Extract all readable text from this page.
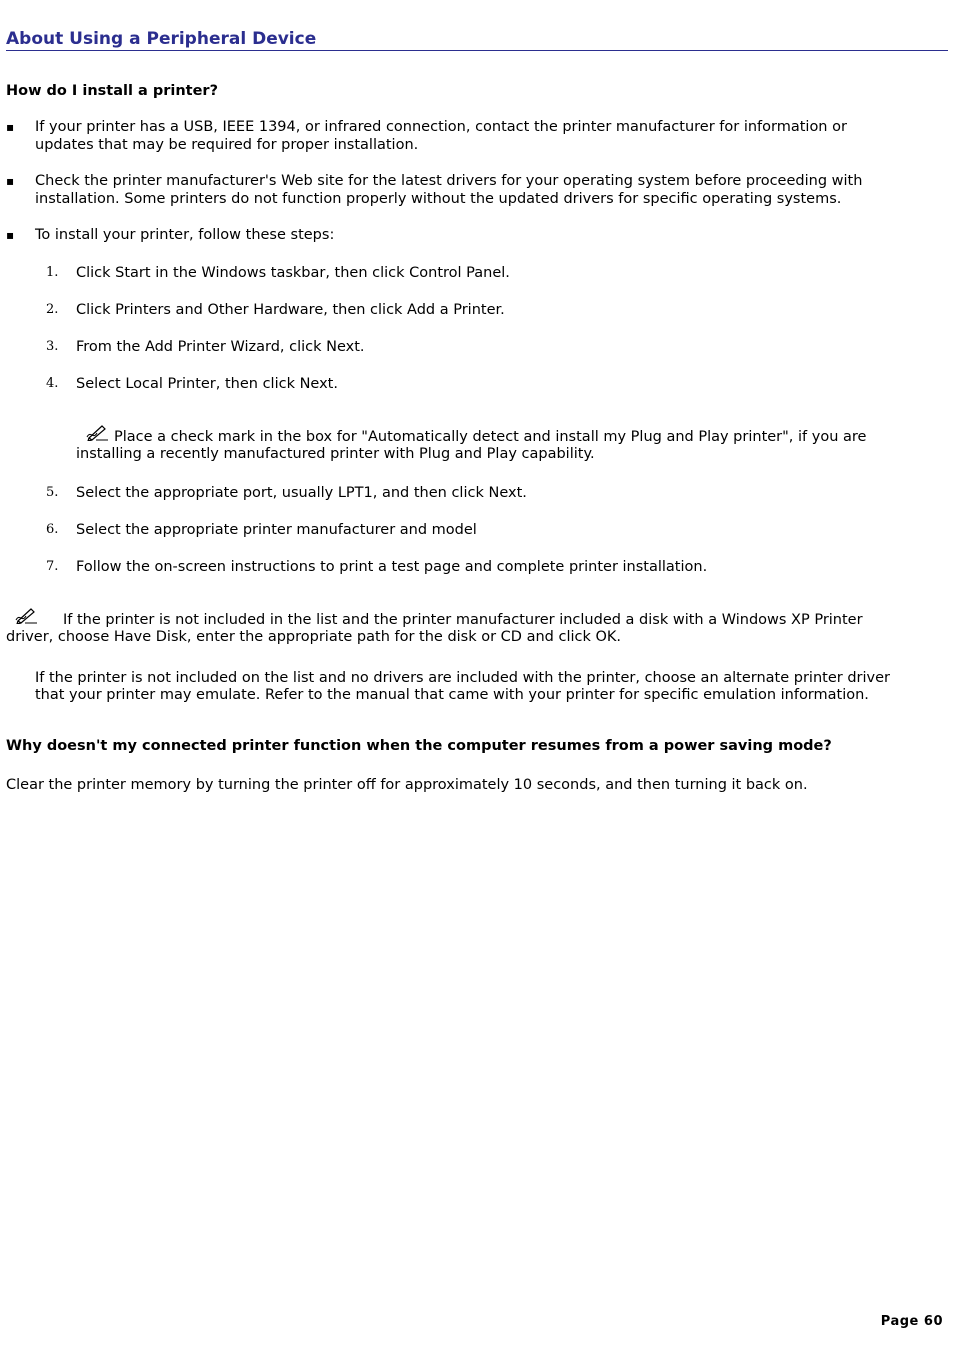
About Using a Peripheral Device
How do I install a printer?
▪ If your printer has a USB, IEEE 1394, or infrared connection, contact the printer manufacturer for information or
updates that may be required for proper installation.
▪ Check the printer manufacturer's Web site for the latest drivers for your operating system before proceeding with
installation. Some printers do not function properly without the updated drivers for specific operating systems.
▪ To install your printer, follow these steps:
1. Click Start in the Windows taskbar, then click Control Panel.
2. Click Printers and Other Hardware, then click Add a Printer.
3. From the Add Printer Wizard, click Next.
4. Select Local Printer, then click Next.
Place a check mark in the box for "Automatically detect and install my Plug and Play printer", if you are
installing a recently manufactured printer with Plug and Play capability.
5. Select the appropriate port, usually LPT1, and then click Next.
6. Select the appropriate printer manufacturer and model
7. Follow the on-screen instructions to print a test page and complete printer installation.
If the printer is not included in the list and the printer manufacturer included a disk with a Windows XP Printer
driver, choose Have Disk, enter the appropriate path for the disk or CD and click OK.
If the printer is not included on the list and no drivers are included with the printer, choose an alternate printer driver
that your printer may emulate. Refer to the manual that came with your printer for specific emulation information.
Why doesn't my connected printer function when the computer resumes from a power saving mode?
Clear the printer memory by turning the printer off for approximately 10 seconds, and then turning it back on.
Page 60
